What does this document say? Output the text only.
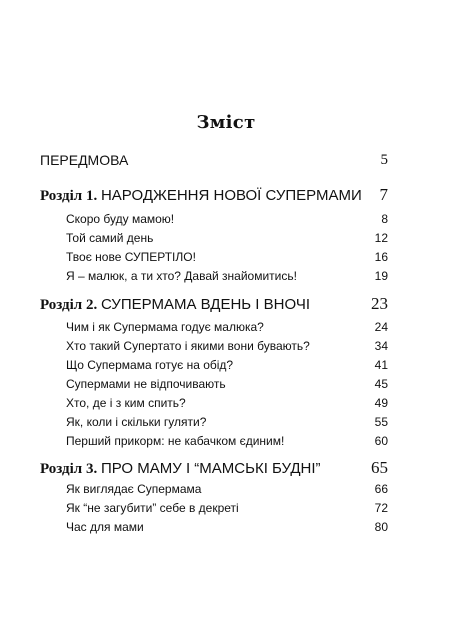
Зміст
ПЕРЕДМОВА	5
Розділ 1. НАРОДЖЕННЯ НОВОЇ СУПЕРМАМИ 7
Скоро буду мамою!	8
Той самий день	12
Твоє нове СУПЕРТІЛО!	16
Я – малюк, а ти хто? Давай знайомитись!	19
Розділ 2. СУПЕРМАМА ВДЕНЬ І ВНОЧІ	23
Чим і як Супермама годує малюка?	24
Хто такий Супертато і якими вони бувають?	34
Що Супермама готує на обід?	41
Супермами не відпочивають	45
Хто, де і з ким спить?	49
Як, коли і скільки гуляти?	55
Перший прикорм: не кабачком єдиним!	60
Розділ 3. ПРО МАМУ І “МАМСЬКІ БУДНІ”	65
Як виглядає Супермама	66
Як “не загубити” себе в декреті	72
Час для мами	80
